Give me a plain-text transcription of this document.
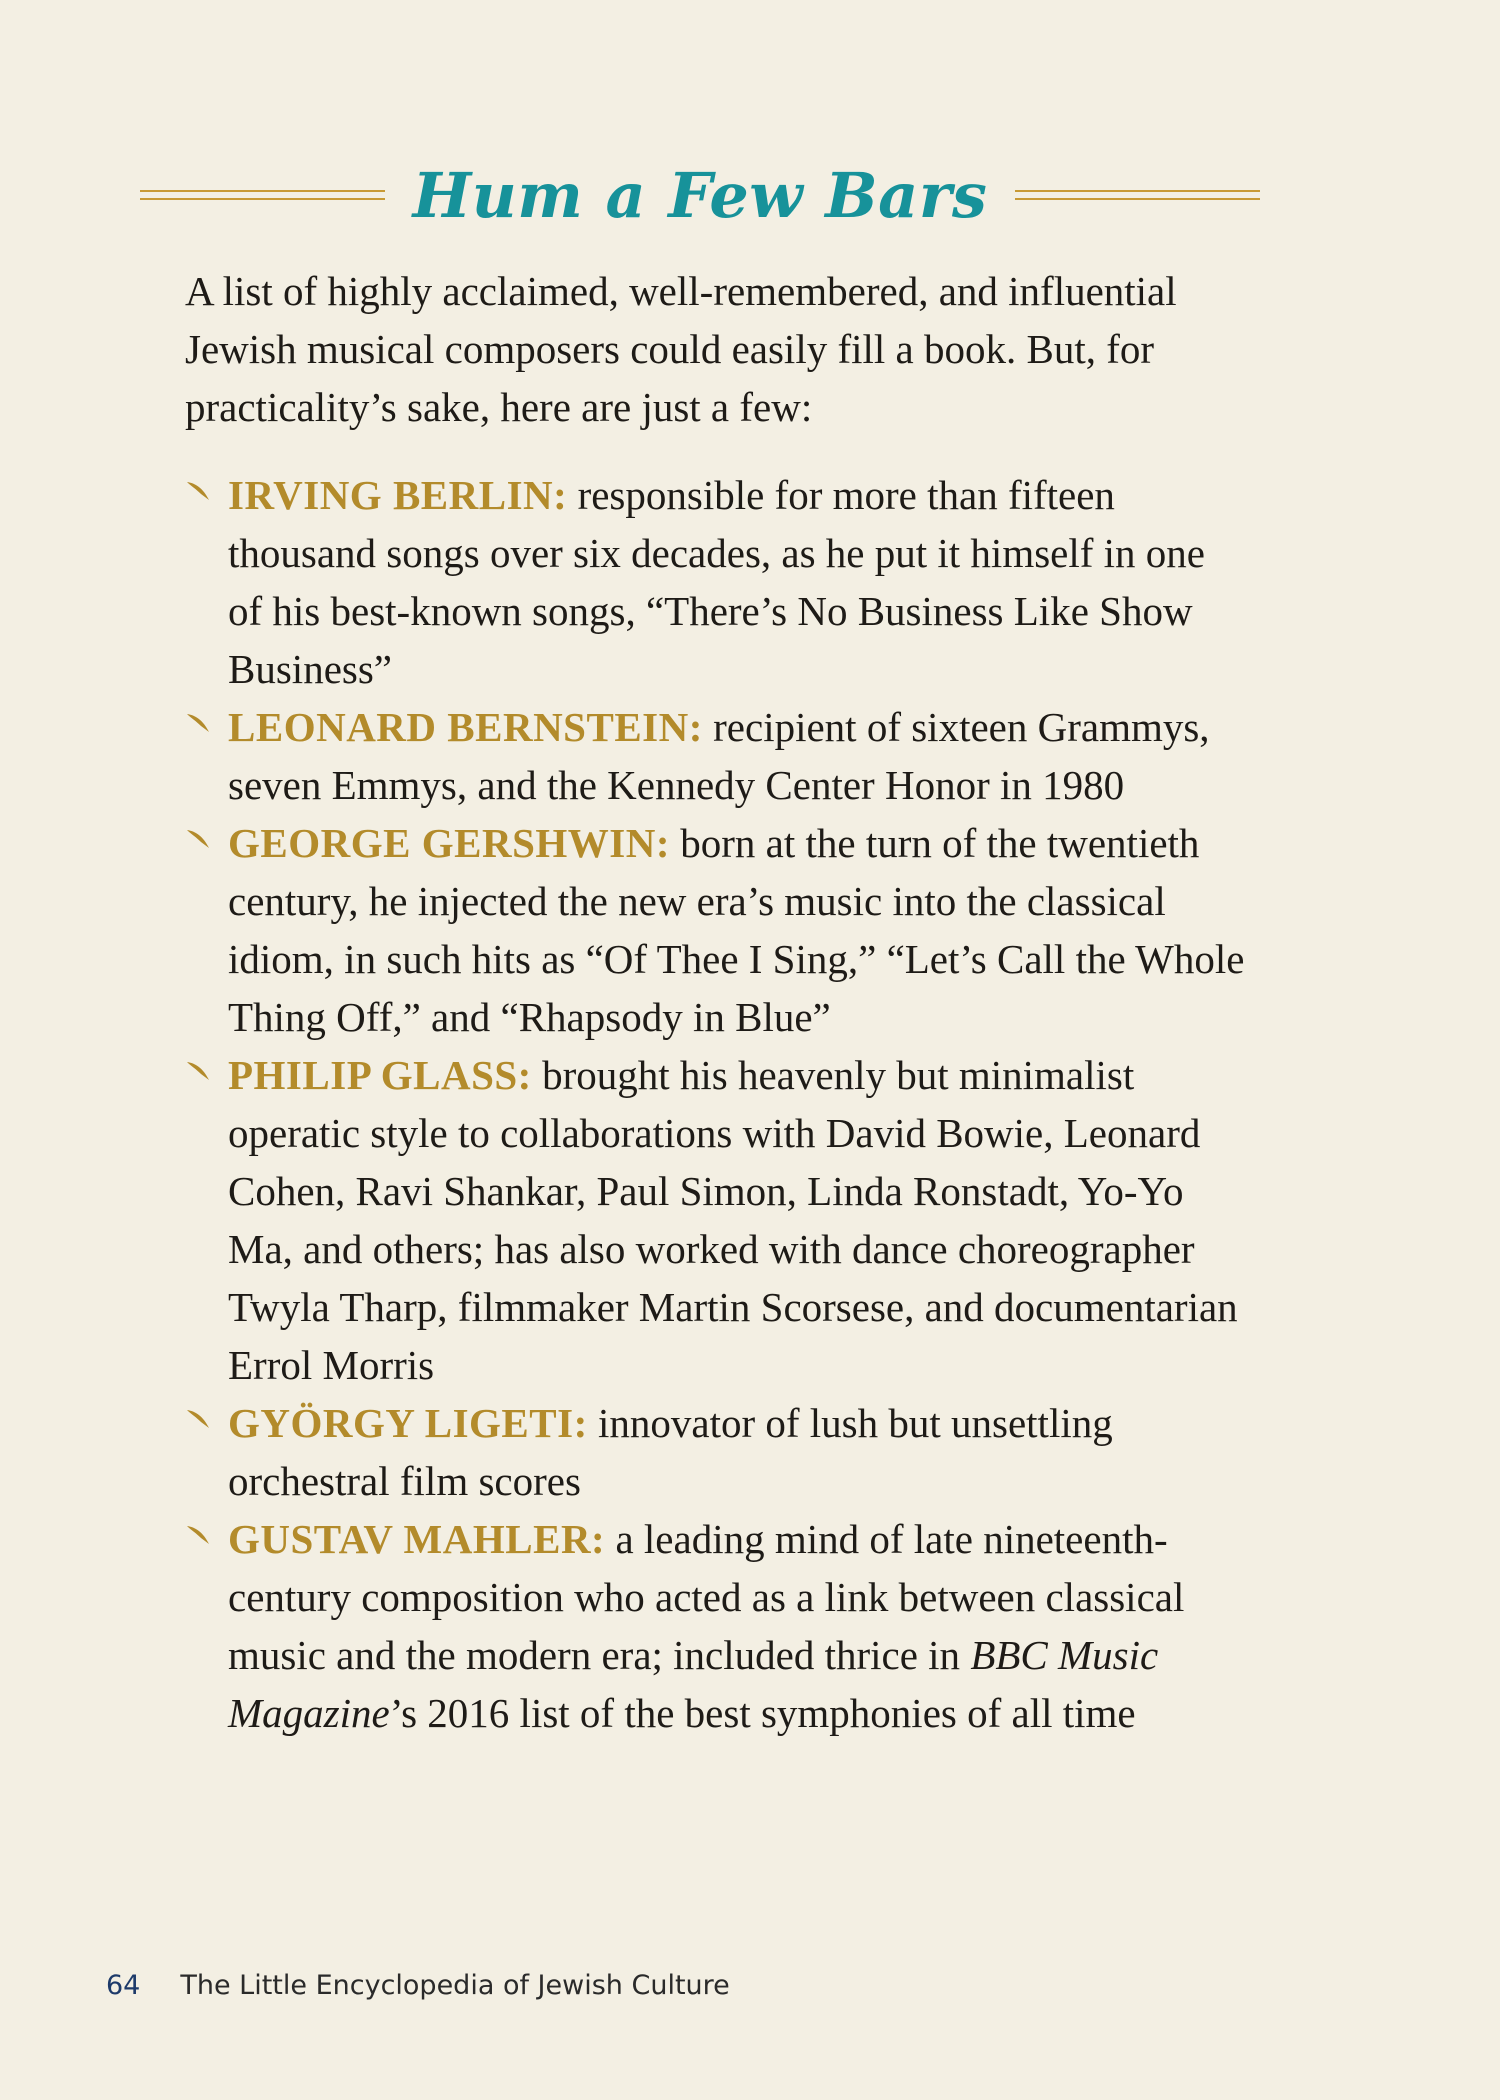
Hum a Few Bars

A list of highly acclaimed, well-remembered, and influential Jewish musical composers could easily fill a book. But, for practicality’s sake, here are just a few:

IRVING BERLIN: responsible for more than fifteen thousand songs over six decades, as he put it himself in one of his best-known songs, “There’s No Business Like Show Business”
LEONARD BERNSTEIN: recipient of sixteen Grammys, seven Emmys, and the Kennedy Center Honor in 1980
GEORGE GERSHWIN: born at the turn of the twentieth century, he injected the new era’s music into the classical idiom, in such hits as “Of Thee I Sing,” “Let’s Call the Whole Thing Off,” and “Rhapsody in Blue”
PHILIP GLASS: brought his heavenly but minimalist operatic style to collaborations with David Bowie, Leonard Cohen, Ravi Shankar, Paul Simon, Linda Ronstadt, Yo-Yo Ma, and others; has also worked with dance choreographer Twyla Tharp, filmmaker Martin Scorsese, and documentarian Errol Morris
GYÖRGY LIGETI: innovator of lush but unsettling orchestral film scores
GUSTAV MAHLER: a leading mind of late nineteenth-century composition who acted as a link between classical music and the modern era; included thrice in BBC Music Magazine’s 2016 list of the best symphonies of all time
64 The Little Encyclopedia of Jewish Culture
